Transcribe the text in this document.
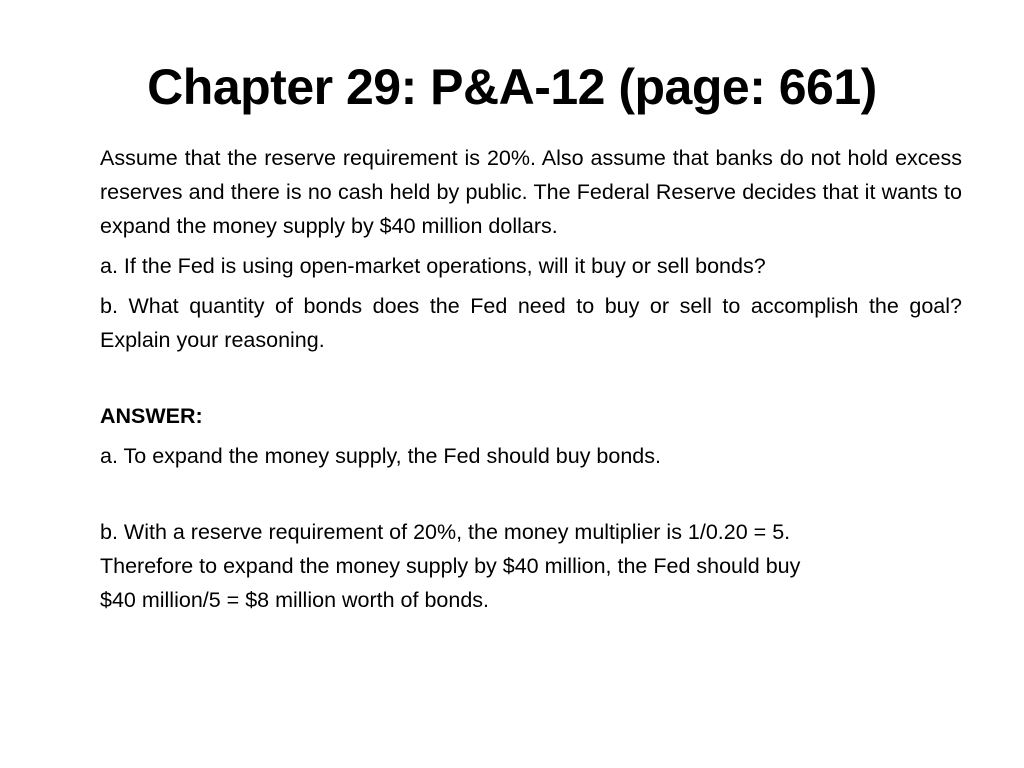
Chapter 29: P&A-12 (page: 661)

Assume that the reserve requirement is 20%. Also assume that banks do not hold excess reserves and there is no cash held by public. The Federal Reserve decides that it wants to expand the money supply by $40 million dollars.

a. If the Fed is using open-market operations, will it buy or sell bonds?

b. What quantity of bonds does the Fed need to buy or sell to accomplish the goal? Explain your reasoning.

ANSWER:

a. To expand the money supply, the Fed should buy bonds.

b. With a reserve requirement of 20%, the money multiplier is 1/0.20 = 5.

Therefore to expand the money supply by $40 million, the Fed should buy

$40 million/5 = $8 million worth of bonds.
